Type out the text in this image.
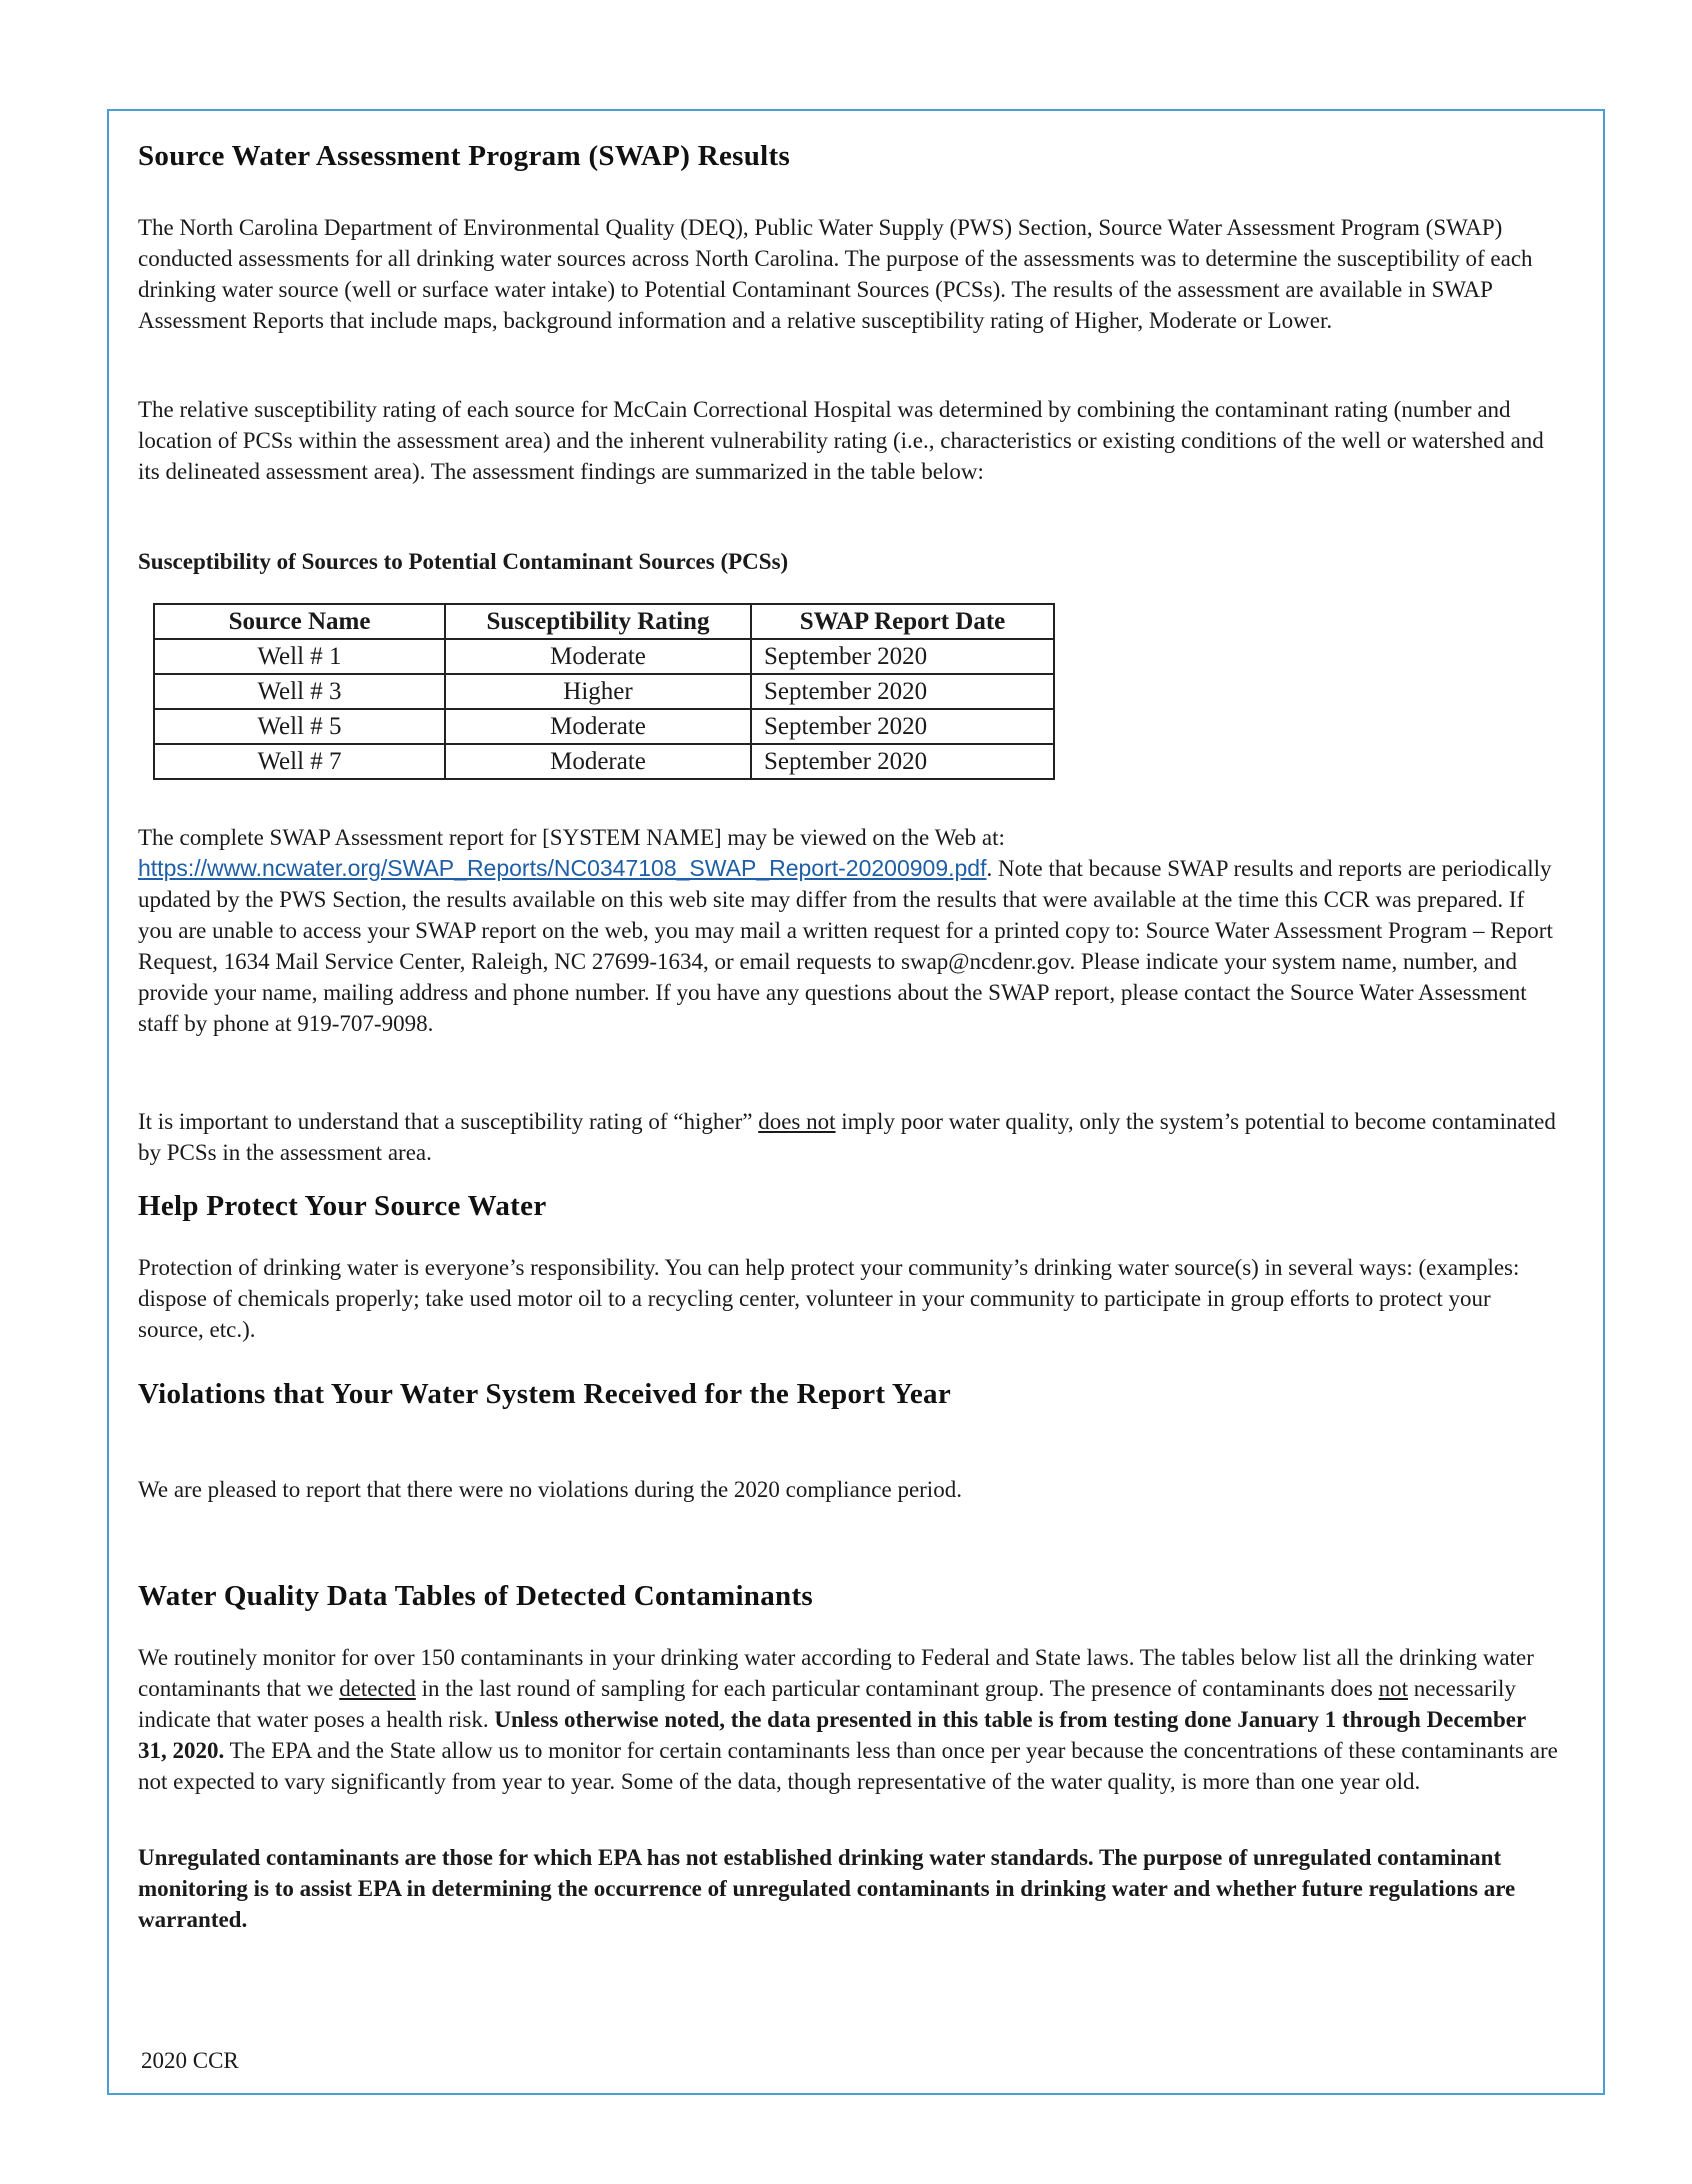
Source Water Assessment Program (SWAP) Results

The North Carolina Department of Environmental Quality (DEQ), Public Water Supply (PWS) Section, Source Water Assessment Program (SWAP) conducted assessments for all drinking water sources across North Carolina. The purpose of the assessments was to determine the susceptibility of each drinking water source (well or surface water intake) to Potential Contaminant Sources (PCSs). The results of the assessment are available in SWAP Assessment Reports that include maps, background information and a relative susceptibility rating of Higher, Moderate or Lower.

The relative susceptibility rating of each source for McCain Correctional Hospital was determined by combining the contaminant rating (number and location of PCSs within the assessment area) and the inherent vulnerability rating (i.e., characteristics or existing conditions of the well or watershed and its delineated assessment area). The assessment findings are summarized in the table below:

Susceptibility of Sources to Potential Contaminant Sources (PCSs)

Source Name	Susceptibility Rating	SWAP Report Date
Well # 1	Moderate	September 2020
Well # 3	Higher	September 2020
Well # 5	Moderate	September 2020
Well # 7	Moderate	September 2020

The complete SWAP Assessment report for [SYSTEM NAME] may be viewed on the Web at:
https://www.ncwater.org/SWAP_Reports/NC0347108_SWAP_Report-20200909.pdf. Note that because SWAP results and reports are periodically updated by the PWS Section, the results available on this web site may differ from the results that were available at the time this CCR was prepared. If you are unable to access your SWAP report on the web, you may mail a written request for a printed copy to: Source Water Assessment Program – Report Request, 1634 Mail Service Center, Raleigh, NC 27699-1634, or email requests to swap@ncdenr.gov. Please indicate your system name, number, and provide your name, mailing address and phone number. If you have any questions about the SWAP report, please contact the Source Water Assessment staff by phone at 919-707-9098.

It is important to understand that a susceptibility rating of “higher” does not imply poor water quality, only the system’s potential to become contaminated by PCSs in the assessment area.

Help Protect Your Source Water

Protection of drinking water is everyone’s responsibility. You can help protect your community’s drinking water source(s) in several ways: (examples: dispose of chemicals properly; take used motor oil to a recycling center, volunteer in your community to participate in group efforts to protect your source, etc.).

Violations that Your Water System Received for the Report Year

We are pleased to report that there were no violations during the 2020 compliance period.

Water Quality Data Tables of Detected Contaminants

We routinely monitor for over 150 contaminants in your drinking water according to Federal and State laws. The tables below list all the drinking water contaminants that we detected in the last round of sampling for each particular contaminant group. The presence of contaminants does not necessarily indicate that water poses a health risk. Unless otherwise noted, the data presented in this table is from testing done January 1 through December 31, 2020. The EPA and the State allow us to monitor for certain contaminants less than once per year because the concentrations of these contaminants are not expected to vary significantly from year to year. Some of the data, though representative of the water quality, is more than one year old.

Unregulated contaminants are those for which EPA has not established drinking water standards. The purpose of unregulated contaminant monitoring is to assist EPA in determining the occurrence of unregulated contaminants in drinking water and whether future regulations are warranted.

2020 CCR
